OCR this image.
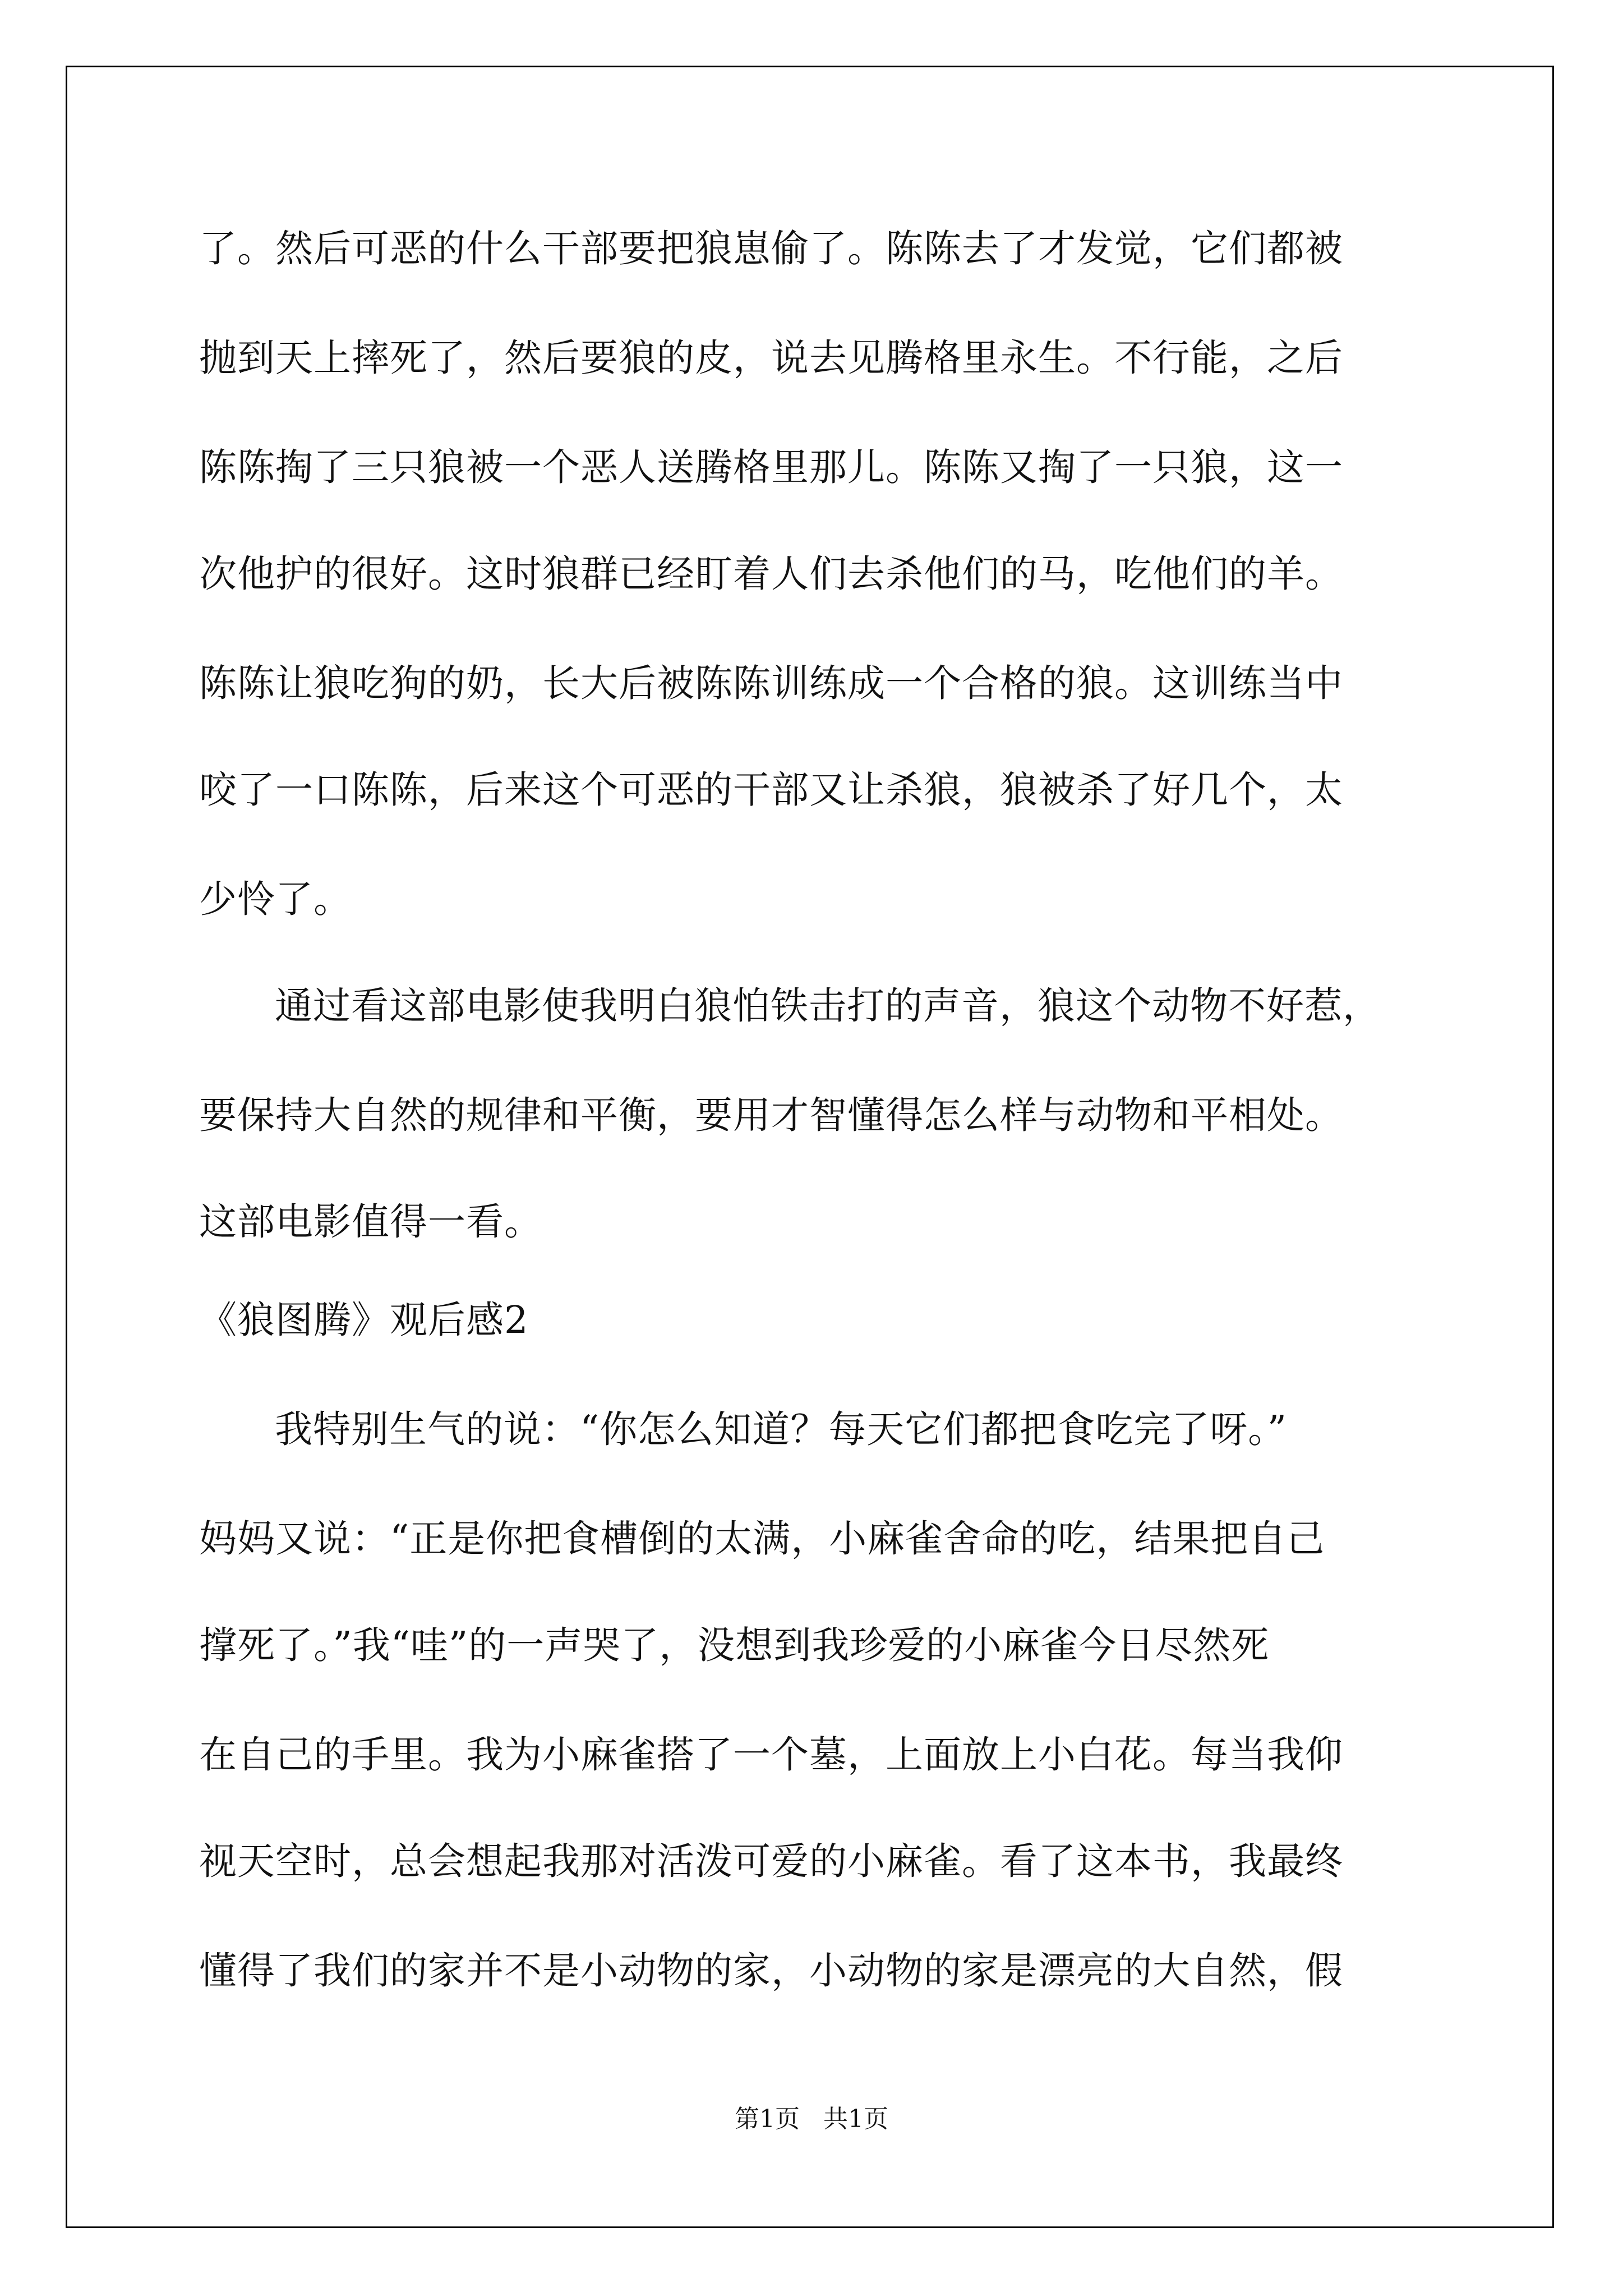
了。然后可恶的什么干部要把狼崽偷了。陈陈去了才发觉，它们都被
抛到天上摔死了，然后要狼的皮，说去见腾格里永生。不行能，之后
陈陈掏了三只狼被一个恶人送腾格里那儿。陈陈又掏了一只狼，这一
次他护的很好。这时狼群已经盯着人们去杀他们的马，吃他们的羊。
陈陈让狼吃狗的奶，长大后被陈陈训练成一个合格的狼。这训练当中
咬了一口陈陈，后来这个可恶的干部又让杀狼，狼被杀了好几个，太
少怜了。
通过看这部电影使我明白狼怕铁击打的声音，狼这个动物不好惹，
要保持大自然的规律和平衡，要用才智懂得怎么样与动物和平相处。
这部电影值得一看。
《狼图腾》观后感2
我特别生气的说：“你怎么知道？每天它们都把食吃完了呀。”
妈妈又说：“正是你把食槽倒的太满，小麻雀舍命的吃，结果把自己
撑死了。”我“哇”的一声哭了，没想到我珍爱的小麻雀今日尽然死
在自己的手里。我为小麻雀搭了一个墓，上面放上小白花。每当我仰
视天空时，总会想起我那对活泼可爱的小麻雀。看了这本书，我最终
懂得了我们的家并不是小动物的家，小动物的家是漂亮的大自然，假
第1页   共1页
